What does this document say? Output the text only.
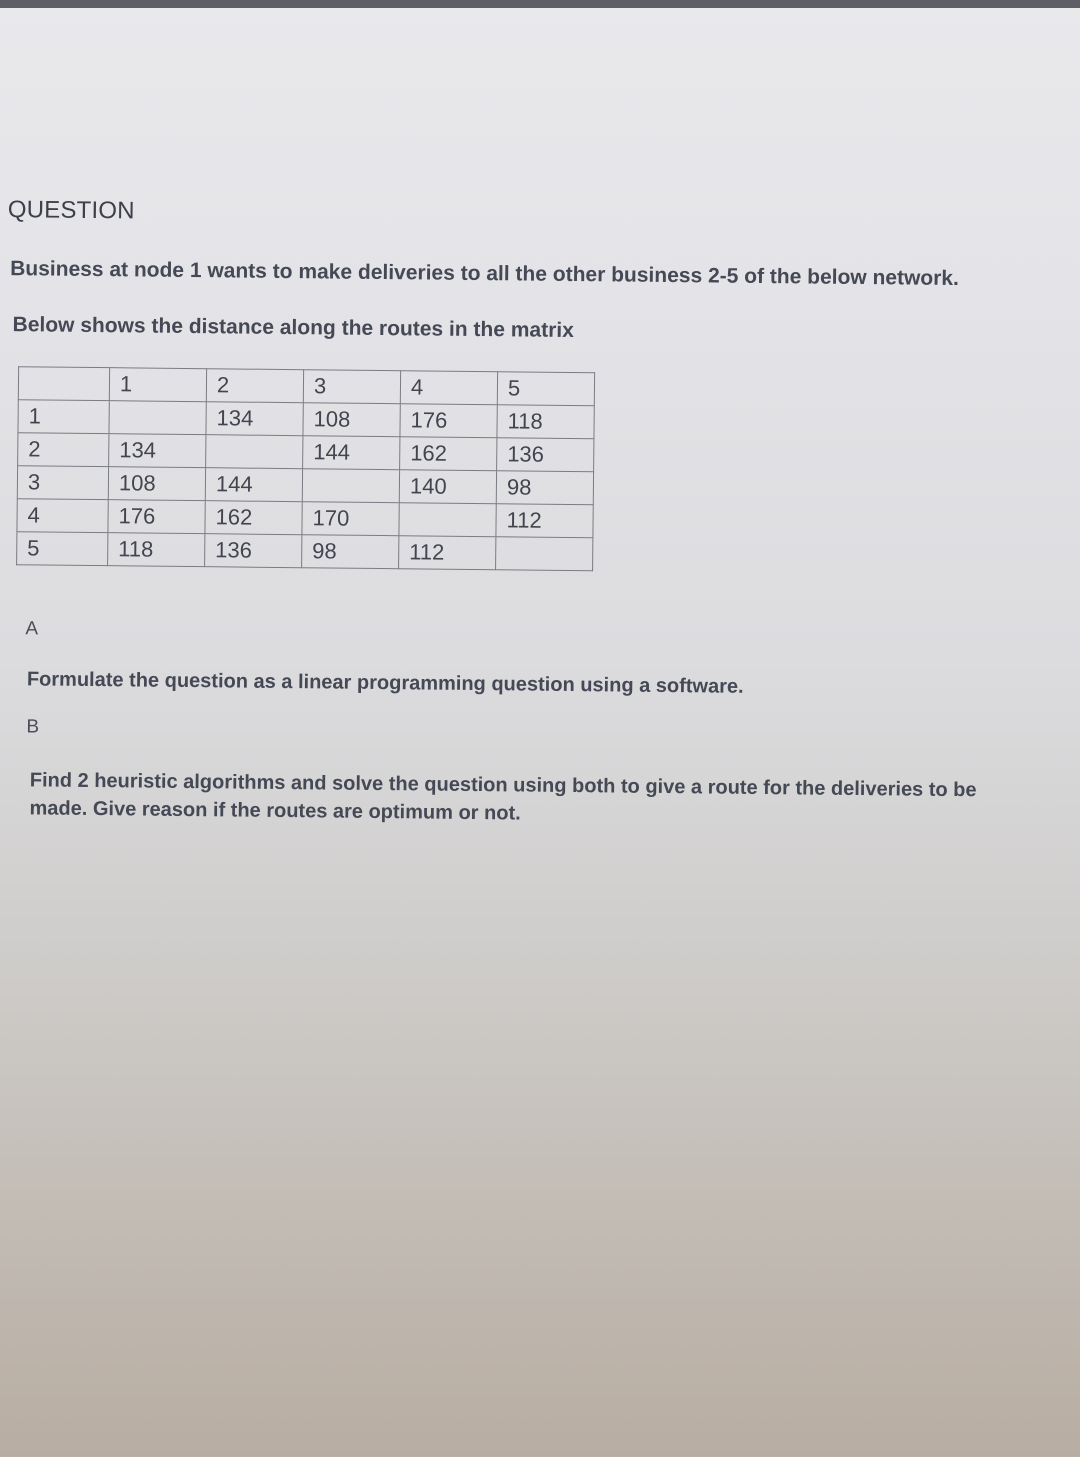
QUESTION
Business at node 1 wants to make deliveries to all the other business 2-5 of the below network.
Below shows the distance along the routes in the matrix
	1	2	3	4	5
1		134	108	176	118
2	134		144	162	136
3	108	144		140	98
4	176	162	170		112
5	118	136	98	112	
A
Formulate the question as a linear programming question using a software.
B
Find 2 heuristic algorithms and solve the question using both to give a route for the deliveries to be made. Give reason if the routes are optimum or not.
